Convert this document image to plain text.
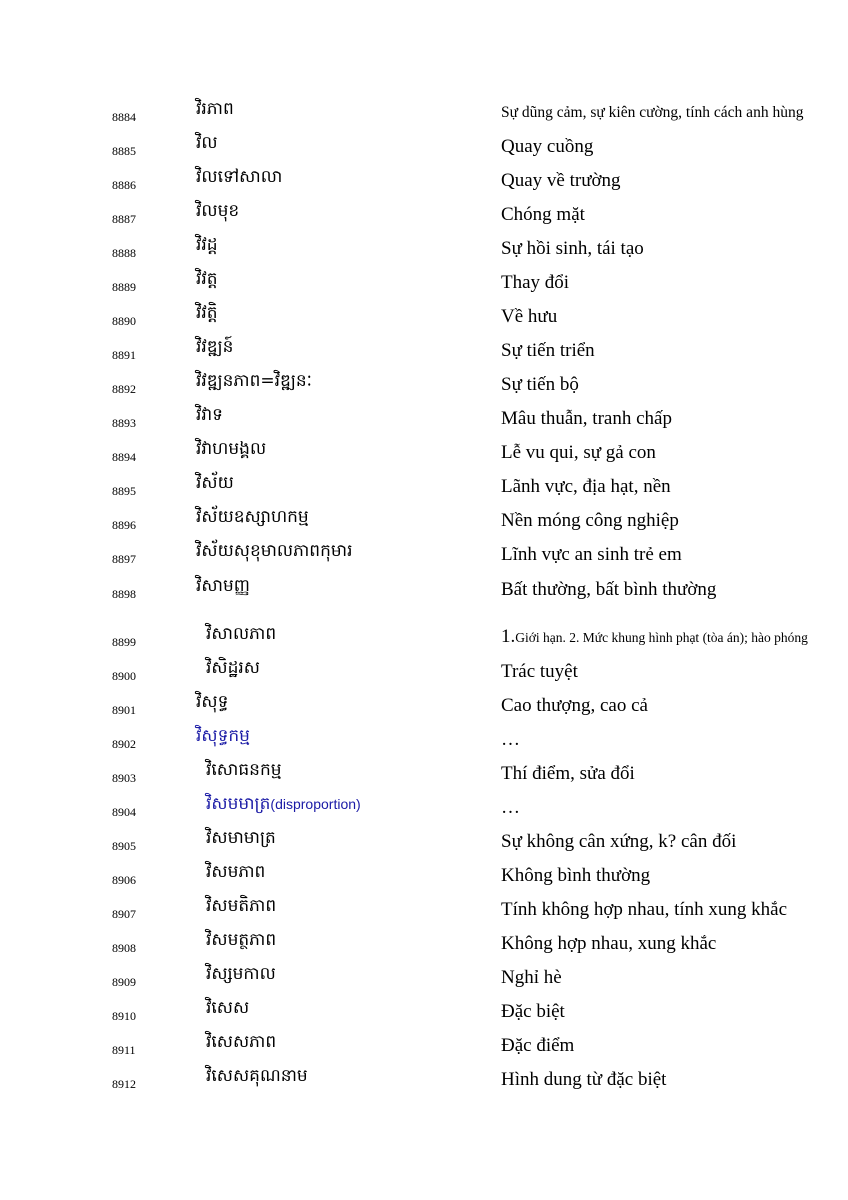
8884	វិរភាព	Sự dũng cảm, sự kiên cường, tính cách anh hùng
8885	វិល	Quay cuồng
8886	វិលទៅសាលា	Quay về trường
8887	វិលមុខ	Chóng mặt
8888	វិវដ្ត	Sự hồi sinh, tái tạo
8889	វិវត្ត	Thay đổi
8890	វិវត្តិ	Về hưu
8891	វិវឌ្ឍន៍	Sự tiến triển
8892	វិវឌ្ឍនភាព=វិឌ្ឍនៈ	Sự tiến bộ
8893	វិវាទ	Mâu thuẫn, tranh chấp
8894	វិវាហមង្គល	Lễ vu qui, sự gả con
8895	វិស័យ	Lãnh vực, địa hạt, nền
8896	វិស័យឧស្សាហកម្ម	Nền móng công nghiệp
8897	វិស័យសុខុមាលភាពកុមារ	Lĩnh vực an sinh trẻ em
8898	វិសាមញ្ញ	Bất thường, bất bình thường
8899	វិសាលភាព	1.Giới hạn. 2. Mức khung hình phạt (tòa án); hào phóng
8900	វិសិដ្ឋរស	Trác tuyệt
8901	វិសុទ្ធ	Cao thượng, cao cả
8902	វិសុទ្ធកម្ម	…
8903	វិសោធនកម្ម	Thí điểm, sửa đổi
8904	វិសមមាត្រ(disproportion)	…
8905	វិសមាមាត្រ	Sự không cân xứng, k? cân đối
8906	វិសមភាព	Không bình thường
8907	វិសមតិភាព	Tính không hợp nhau, tính xung khắc
8908	វិសមត្ថភាព	Không hợp nhau, xung khắc
8909	វិស្សមកាល	Nghỉ hè
8910	វិសេស	Đặc biệt
8911	វិសេសភាព	Đặc điểm
8912	វិសេសគុណនាម	Hình dung từ đặc biệt
